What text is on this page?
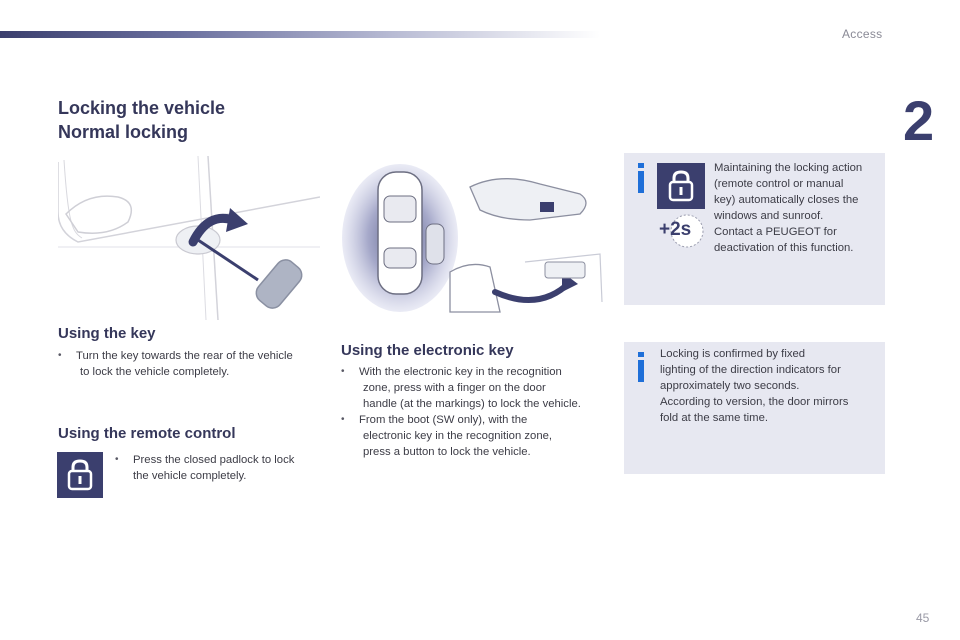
Access
2
Locking the vehicle
Normal locking
Using the key
•	Turn the key towards the rear of the vehicle
to lock the vehicle completely.
Using the remote control
•	Press the closed padlock to lock
the vehicle completely.
Using the electronic key
•	With the electronic key in the recognition
zone, press with a finger on the door
handle (at the markings) to lock the vehicle.
•	From the boot (SW only), with the
electronic key in the recognition zone,
press a button to lock the vehicle.
+2s
Maintaining the locking action
(remote control or manual
key) automatically closes the
windows and sunroof.
Contact a PEUGEOT for
deactivation of this function.
Locking is confirmed by fixed
lighting of the direction indicators for
approximately two seconds.
According to version, the door mirrors
fold at the same time.
45
